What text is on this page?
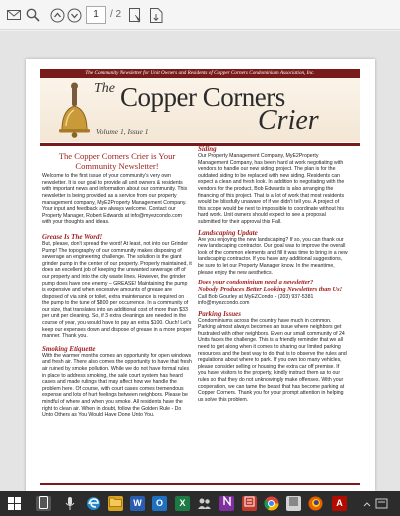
1	/ 2
The Community Newsletter for Unit Owners and Residents of Copper Corners Condominium Association, Inc.
The Copper Corners
Crier
Volume 1, Issue 1
The Copper Corners Crier is Your Community Newsletter!
Welcome to the first issue of your community's very own newsletter. It is our goal to provide all unit owners & residents with important news and information about our community. This newsletter is being provided as a service from our property management company, MyE2Property Management Company. Your input and feedback are always welcome. Contact our Property Manager, Robert Edwards at info@myezcondo.com with your thoughts and ideas.
Grease Is The Word!
But, please, don't spread the word! At least, not into our Grinder Pump! The topography of our community makes disposing of sewerage an engineering challenge. The solution is the giant grinder pump in the center of our property. Properly maintained, it does an excellent job of keeping the unwanted sewerage off of our property and into the city waste lines. However, the grinder pump does have one enemy – GREASE! Maintaining the pump is expensive and when excessive amounts of grease are disposed of via sink or toilet, extra maintenance is required on the pump to the tune of $800 per occurrence. In a community of our size, that translates into an additional cost of more than $33 per unit per cleaning. So, if 3 extra cleanings are needed in the course of year, you would have to pay an extra $100. Ouch! Let's keep our expenses down and dispose of grease in a more proper manner. Thank you.
Smoking Etiquette
With the warmer months comes an opportunity for open windows and fresh air. There also comes the opportunity to have that fresh air ruined by smoke pollution. While we do not have formal rules in place to address smoking, the sale court system has heard cases and made rulings that may affect how we handle the problem here. Of course, with court cases comes tremendous expense and lots of hurt feelings between neighbors. Please be mindful of where and when you smoke. All residents have the right to clean air. When in doubt, follow the Golden Rule - Do Unto Others as You Would Have Done Unto You.
Siding
Our Property Management Company, MyE2Property Management Company, has been hard at work negotiating with vendors to handle our new siding project. The plan is for the outdated siding to be replaced with new siding. Residents can expect a clean and fresh look. In addition to negotiating with the vendors for the product, Bob Edwards is also arranging the financing of this project. That is a lot of work that most residents would be blissfully unaware of if we didn't tell you. A project of this scope would be next to impossible to coordinate without his hard work. Unit owners should expect to see a proposal submitted for their approval this Fall.
Landscaping Update
Are you enjoying the new landscaping? If so, you can thank our new landscaping contractor. Our goal was to improve the overall look of the common elements and fill it was time to bring in a new landscaping contractor. If you have any additional suggestions, be sure to let our Property Manager know. In the meantime, please enjoy the new aesthetics.
Does your condominium need a newsletter?
Nobody Produces Better Looking Newsletters than Us!
Call Bob Gourley at MyEZCondo - (203) 937-5381
info@myezcondo.com
Parking Issues
Condominiums across the country have much in common. Parking almost always becomes an issue where neighbors get frustrated with other neighbors. Even our small community of 24 Units faces the challenge. This is a friendly reminder that we all need to get along when it comes to sharing our limited parking resources and the best way to do that is to observe the rules and regulations about where to park. If you own too many vehicles, please consider selling or housing the extra car off premise. If you have visitors to the property, kindly instruct them as to our rules so that they do not unknowingly make offenses. With your cooperation, we can tame the beast that has become parking at Copper Corners. Thank you for your prompt attention in helping us solve this problem.
W	O	X	A
